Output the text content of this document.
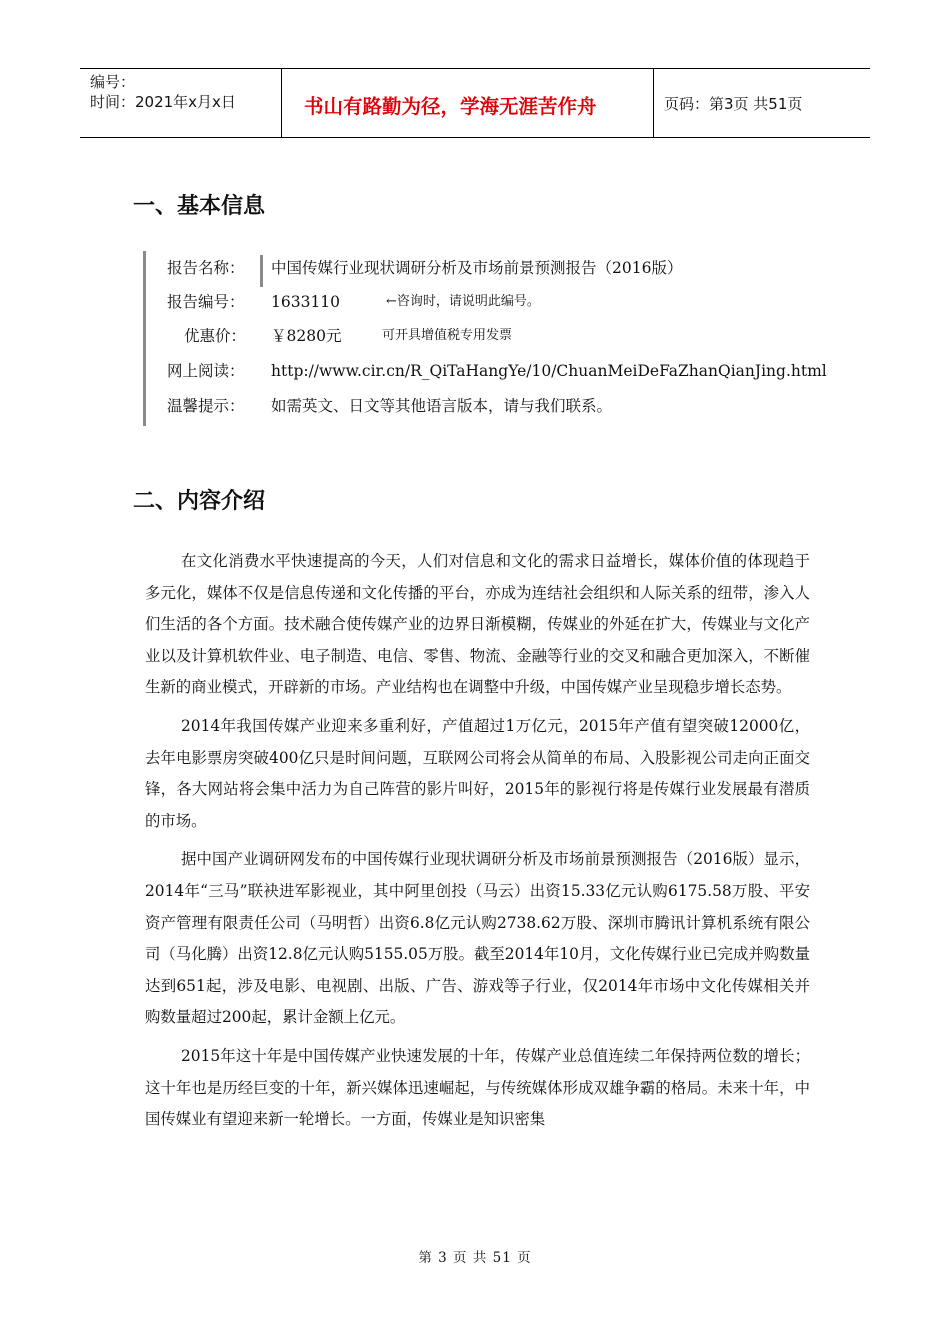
编号：
时间：2021年x月x日	书山有路勤为径，学海无涯苦作舟	页码：第3页 共51页
一、基本信息
报告名称： 中国传媒行业现状调研分析及市场前景预测报告（2016版）
报告编号： 1633110	←咨询时，请说明此编号。
优惠价：	￥8280元	可开具增值税专用发票
网上阅读： http://www.cir.cn/R_QiTaHangYe/10/ChuanMeiDeFaZhanQianJing.html
温馨提示： 如需英文、日文等其他语言版本，请与我们联系。
二、内容介绍

在文化消费水平快速提高的今天，人们对信息和文化的需求日益增长，媒体价值的体现趋于多元化，媒体不仅是信息传递和文化传播的平台，亦成为连结社会组织和人际关系的纽带，渗入人们生活的各个方面。技术融合使传媒产业的边界日渐模糊，传媒业的外延在扩大，传媒业与文化产业以及计算机软件业、电子制造、电信、零售、物流、金融等行业的交叉和融合更加深入，不断催生新的商业模式，开辟新的市场。产业结构也在调整中升级，中国传媒产业呈现稳步增长态势。

2014年我国传媒产业迎来多重利好，产值超过1万亿元，2015年产值有望突破12000亿，去年电影票房突破400亿只是时间问题，互联网公司将会从简单的布局、入股影视公司走向正面交锋，各大网站将会集中活力为自己阵营的影片叫好，2015年的影视行将是传媒行业发展最有潜质的市场。

据中国产业调研网发布的中国传媒行业现状调研分析及市场前景预测报告（2016版）显示，2014年“三马”联袂进军影视业，其中阿里创投（马云）出资15.33亿元认购6175.58万股、平安资产管理有限责任公司（马明哲）出资6.8亿元认购2738.62万股、深圳市腾讯计算机系统有限公司（马化腾）出资12.8亿元认购5155.05万股。截至2014年10月，文化传媒行业已完成并购数量达到651起，涉及电影、电视剧、出版、广告、游戏等子行业，仅2014年市场中文化传媒相关并购数量超过200起，累计金额上亿元。

2015年这十年是中国传媒产业快速发展的十年，传媒产业总值连续二年保持两位数的增长；这十年也是历经巨变的十年，新兴媒体迅速崛起，与传统媒体形成双雄争霸的格局。未来十年，中国传媒业有望迎来新一轮增长。一方面，传媒业是知识密集

第 3 页 共 51 页
